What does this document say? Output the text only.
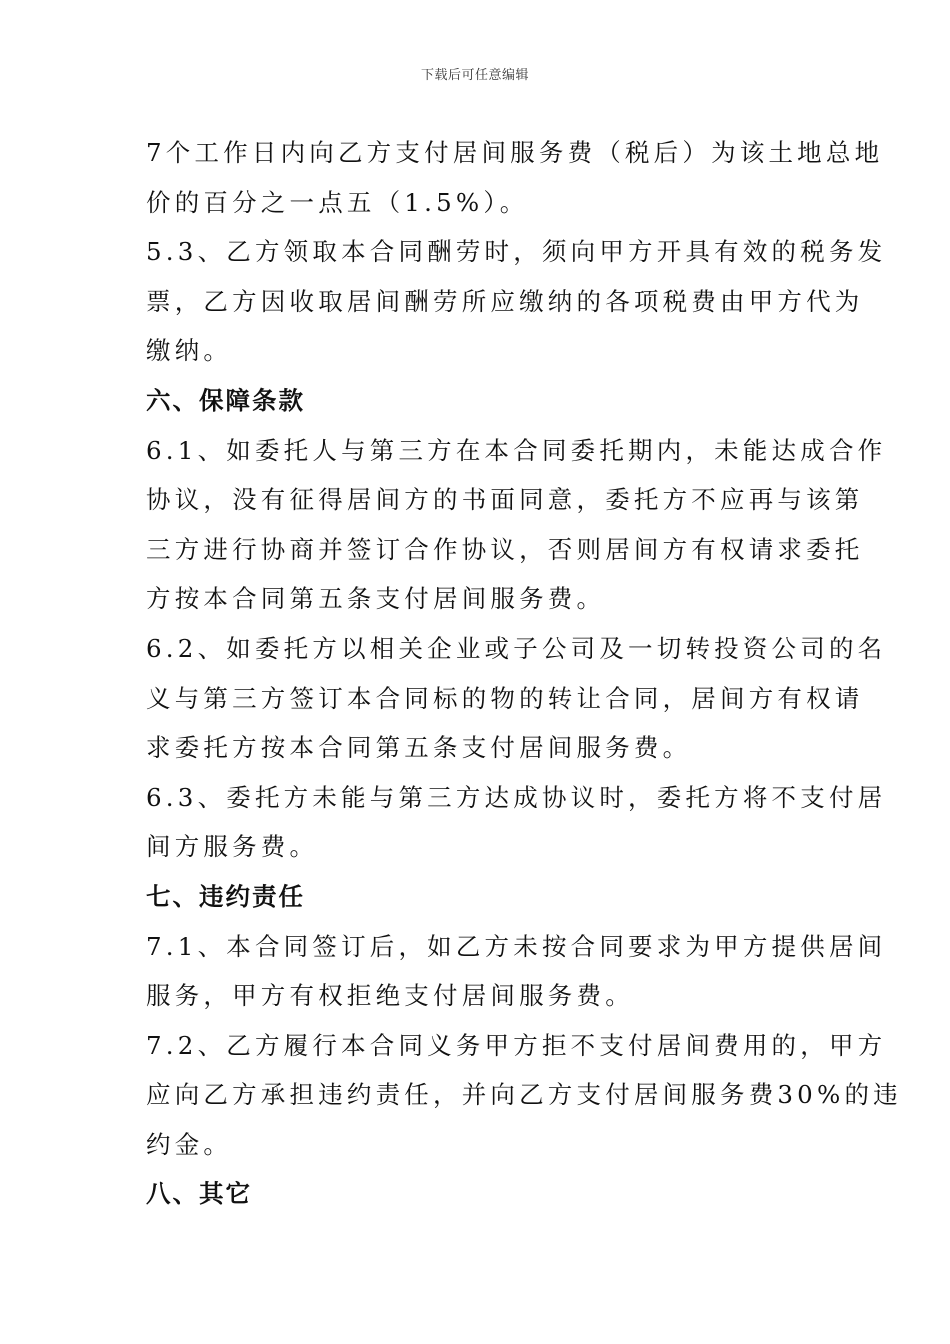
下载后可任意编辑

7个工作日内向乙方支付居间服务费（税后）为该土地总地

价的百分之一点五（1.5%）。

5.3、乙方领取本合同酬劳时，须向甲方开具有效的税务发

票，乙方因收取居间酬劳所应缴纳的各项税费由甲方代为

缴纳。

六、保障条款

6.1、如委托人与第三方在本合同委托期内，未能达成合作

协议，没有征得居间方的书面同意，委托方不应再与该第

三方进行协商并签订合作协议，否则居间方有权请求委托

方按本合同第五条支付居间服务费。

6.2、如委托方以相关企业或子公司及一切转投资公司的名

义与第三方签订本合同标的物的转让合同，居间方有权请

求委托方按本合同第五条支付居间服务费。

6.3、委托方未能与第三方达成协议时，委托方将不支付居

间方服务费。

七、违约责任

7.1、本合同签订后，如乙方未按合同要求为甲方提供居间

服务，甲方有权拒绝支付居间服务费。

7.2、乙方履行本合同义务甲方拒不支付居间费用的，甲方

应向乙方承担违约责任，并向乙方支付居间服务费30%的违

约金。

八、其它
